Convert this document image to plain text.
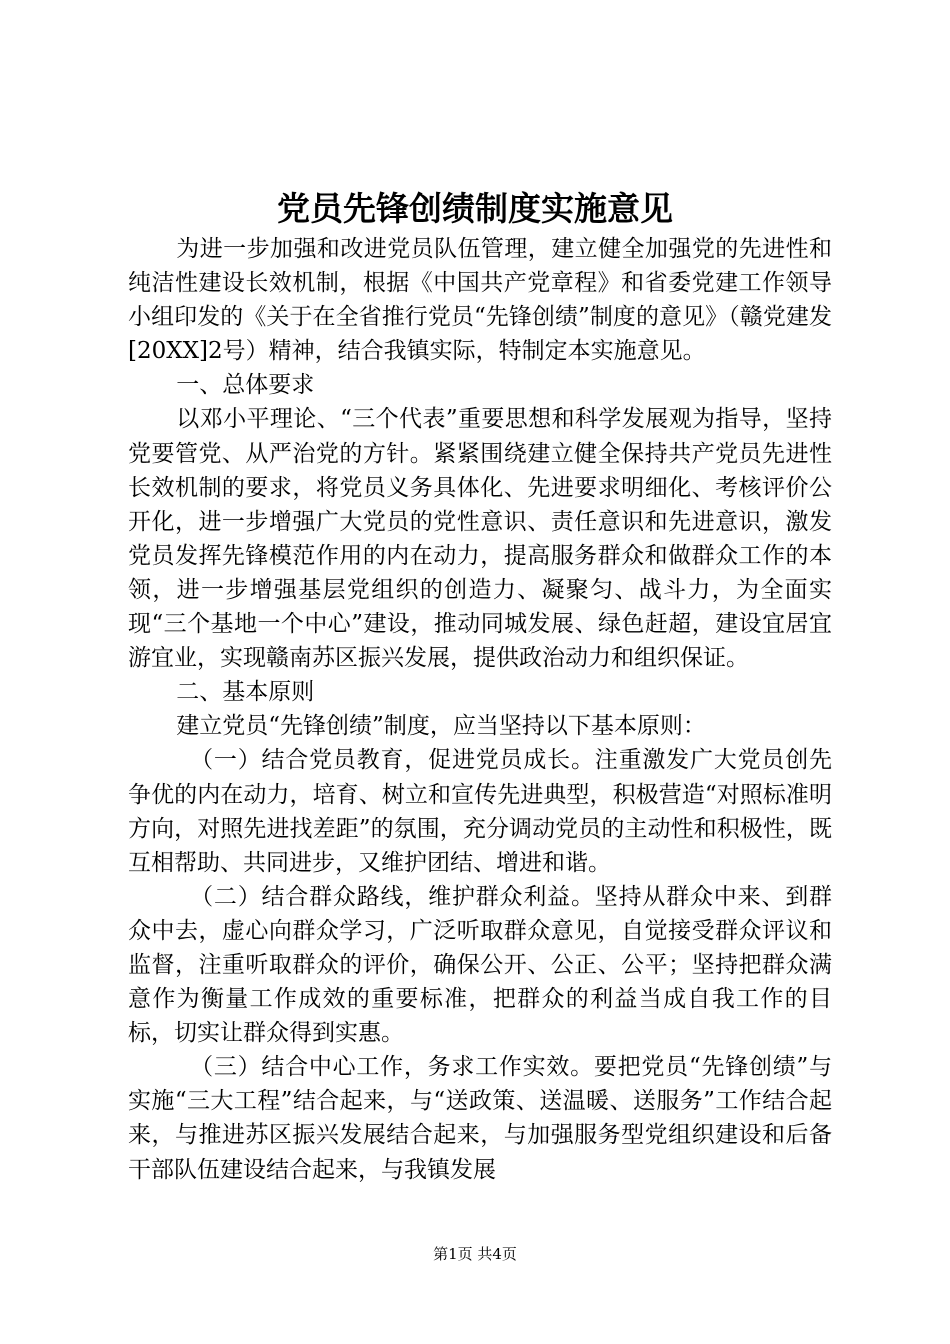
党员先锋创绩制度实施意见

为进一步加强和改进党员队伍管理，建立健全加强党的先进性和纯洁性建设长效机制，根据《中国共产党章程》和省委党建工作领导小组印发的《关于在全省推行党员“先锋创绩”制度的意见》（赣党建发[20XX]2号）精神，结合我镇实际，特制定本实施意见。

一、总体要求

以邓小平理论、“三个代表”重要思想和科学发展观为指导，坚持党要管党、从严治党的方针。紧紧围绕建立健全保持共产党员先进性长效机制的要求，将党员义务具体化、先进要求明细化、考核评价公开化，进一步增强广大党员的党性意识、责任意识和先进意识，激发党员发挥先锋模范作用的内在动力，提高服务群众和做群众工作的本领，进一步增强基层党组织的创造力、凝聚匀、战斗力，为全面实现“三个基地一个中心”建设，推动同城发展、绿色赶超，建设宜居宜游宜业，实现赣南苏区振兴发展，提供政治动力和组织保证。

二、基本原则

建立党员“先锋创绩”制度，应当坚持以下基本原则：

（一）结合党员教育，促进党员成长。注重激发广大党员创先争优的内在动力，培育、树立和宣传先进典型，积极营造“对照标准明方向，对照先进找差距”的氛围，充分调动党员的主动性和积极性，既互相帮助、共同进步，又维护团结、增进和谐。

（二）结合群众路线，维护群众利益。坚持从群众中来、到群众中去，虚心向群众学习，广泛听取群众意见，自觉接受群众评议和监督，注重听取群众的评价，确保公开、公正、公平；坚持把群众满意作为衡量工作成效的重要标准，把群众的利益当成自我工作的目标，切实让群众得到实惠。

（三）结合中心工作，务求工作实效。要把党员“先锋创绩”与实施“三大工程”结合起来，与“送政策、送温暖、送服务”工作结合起来，与推进苏区振兴发展结合起来，与加强服务型党组织建设和后备干部队伍建设结合起来，与我镇发展

第1页 共4页
